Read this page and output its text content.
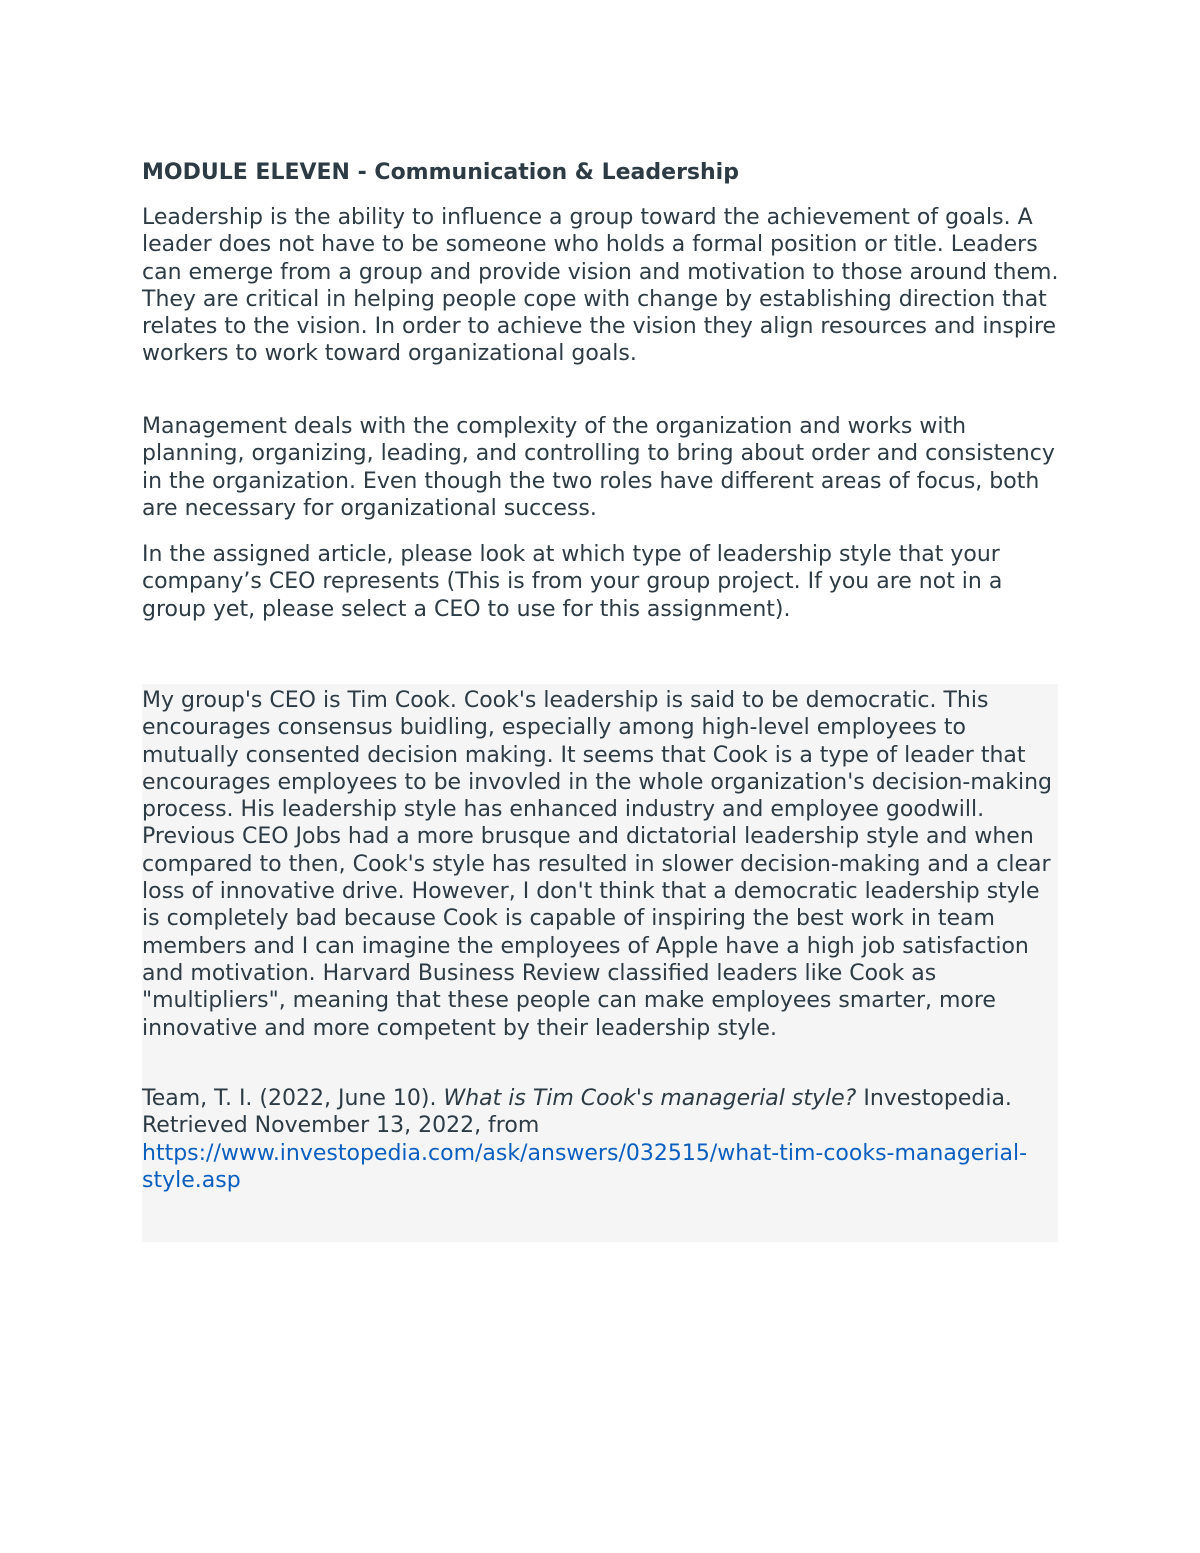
MODULE ELEVEN - Communication & Leadership

Leadership is the ability to influence a group toward the achievement of goals. A leader does not have to be someone who holds a formal position or title. Leaders can emerge from a group and provide vision and motivation to those around them. They are critical in helping people cope with change by establishing direction that relates to the vision. In order to achieve the vision they align resources and inspire workers to work toward organizational goals.

Management deals with the complexity of the organization and works with planning, organizing, leading, and controlling to bring about order and consistency in the organization. Even though the two roles have different areas of focus, both are necessary for organizational success.

In the assigned article, please look at which type of leadership style that your company’s CEO represents (This is from your group project. If you are not in a group yet, please select a CEO to use for this assignment).

My group's CEO is Tim Cook. Cook's leadership is said to be democratic. This encourages consensus buidling, especially among high-level employees to mutually consented decision making. It seems that Cook is a type of leader that encourages employees to be invovled in the whole organization's decision-making process. His leadership style has enhanced industry and employee goodwill. Previous CEO Jobs had a more brusque and dictatorial leadership style and when compared to then, Cook's style has resulted in slower decision-making and a clear loss of innovative drive. However, I don't think that a democratic leadership style is completely bad because Cook is capable of inspiring the best work in team members and I can imagine the employees of Apple have a high job satisfaction and motivation. Harvard Business Review classified leaders like Cook as "multipliers", meaning that these people can make employees smarter, more innovative and more competent by their leadership style.

Team, T. I. (2022, June 10). What is Tim Cook's managerial style? Investopedia. Retrieved November 13, 2022, from https://www.investopedia.com/ask/answers/032515/what-tim-cooks-managerial-style.asp
